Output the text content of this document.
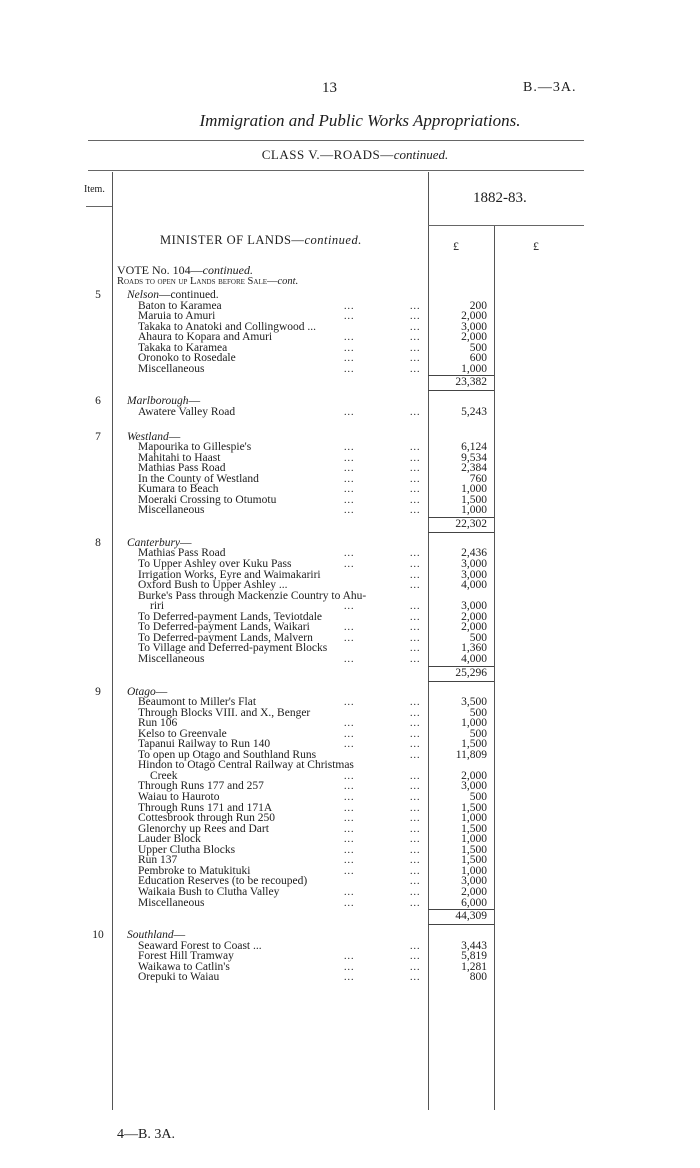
13	B.—3A.
Immigration and Public Works Appropriations.
CLASS V.—ROADS—continued.
Item.
1882-83.
MINISTER OF LANDS—continued.	£	£
VOTE No. 104—continued.
Roads to open up Lands before Sale—cont.
5	Nelson—continued.
Baton to Karamea	...	...	200
Maruia to Amuri	...	...	2,000
Takaka to Anatoki and Collingwood ...	...	3,000
Ahaura to Kopara and Amuri	...	...	2,000
Takaka to Karamea	...	...	500
Oronoko to Rosedale	...	...	600
Miscellaneous	...	...	1,000
23,382
6	Marlborough—
Awatere Valley Road	...	...	5,243
7	Westland—
Mapourika to Gillespie's	...	...	6,124
Mahitahi to Haast	...	...	9,534
Mathias Pass Road	...	...	2,384
In the County of Westland	...	...	760
Kumara to Beach	...	...	1,000
Moeraki Crossing to Otumotu	...	...	1,500
Miscellaneous	...	...	1,000
22,302
8	Canterbury—
Mathias Pass Road	...	...	2,436
To Upper Ashley over Kuku Pass	...	...	3,000
Irrigation Works, Eyre and Waimakariri	...	3,000
Oxford Bush to Upper Ashley ...	...	4,000
Burke's Pass through Mackenzie Country to Ahu-
riri	...	...	3,000
To Deferred-payment Lands, Teviotdale	...	2,000
To Deferred-payment Lands, Waikari	...	...	2,000
To Deferred-payment Lands, Malvern	...	...	500
To Village and Deferred-payment Blocks	...	1,360
Miscellaneous	...	...	4,000
25,296
9	Otago—
Beaumont to Miller's Flat	...	...	3,500
Through Blocks VIII. and X., Benger	...	500
Run 106	...	...	1,000
Kelso to Greenvale	...	...	500
Tapanui Railway to Run 140	...	...	1,500
To open up Otago and Southland Runs	...	11,809
Hindon to Otago Central Railway at Christmas
Creek	...	...	2,000
Through Runs 177 and 257	...	...	3,000
Waiau to Hauroto	...	...	500
Through Runs 171 and 171A	...	...	1,500
Cottesbrook through Run 250	...	...	1,000
Glenorchy up Rees and Dart	...	...	1,500
Lauder Block	...	...	1,000
Upper Clutha Blocks	...	...	1,500
Run 137	...	...	1,500
Pembroke to Matukituki	...	...	1,000
Education Reserves (to be recouped)	...	3,000
Waikaia Bush to Clutha Valley	...	...	2,000
Miscellaneous	...	...	6,000
44,309
10	Southland—
Seaward Forest to Coast ...	...	3,443
Forest Hill Tramway	...	...	5,819
Waikawa to Catlin's	...	...	1,281
Orepuki to Waiau	...	...	800
4—B. 3A.
